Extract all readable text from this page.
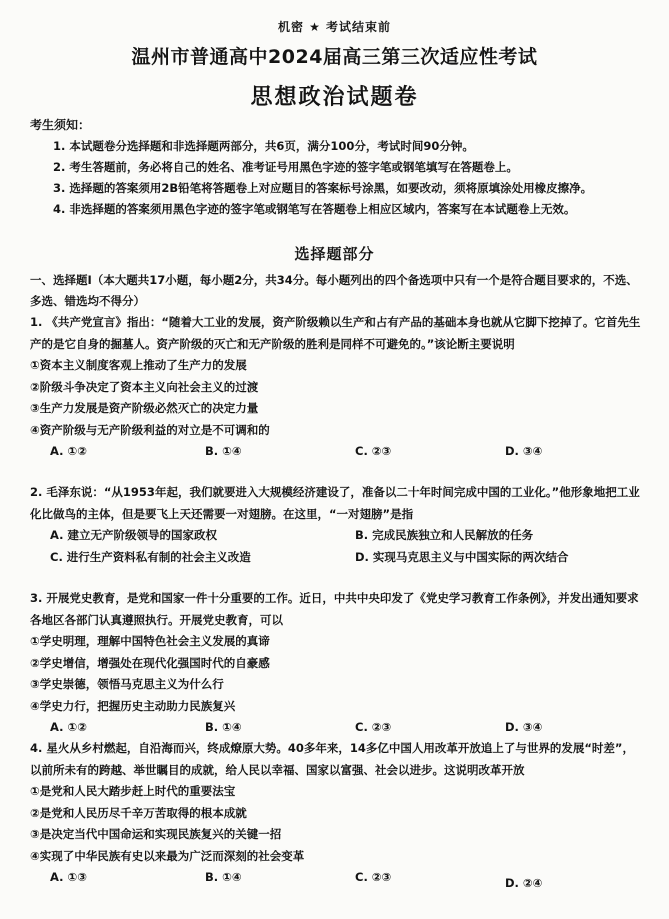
机密 ★ 考试结束前
温州市普通高中2024届高三第三次适应性考试
思想政治试题卷
考生须知：

1. 本试题卷分选择题和非选择题两部分，共6页，满分100分，考试时间90分钟。

2. 考生答题前，务必将自己的姓名、准考证号用黑色字迹的签字笔或钢笔填写在答题卷上。

3. 选择题的答案须用2B铅笔将答题卷上对应题目的答案标号涂黑，如要改动，须将原填涂处用橡皮擦净。

4. 非选择题的答案须用黑色字迹的签字笔或钢笔写在答题卷上相应区域内，答案写在本试题卷上无效。

选择题部分

一、选择题Ⅰ（本大题共17小题，每小题2分，共34分。每小题列出的四个备选项中只有一个是符合题目要求的，不选、多选、错选均不得分）

1. 《共产党宣言》指出：“随着大工业的发展，资产阶级赖以生产和占有产品的基础本身也就从它脚下挖掉了。它首先生产的是它自身的掘墓人。资产阶级的灭亡和无产阶级的胜利是同样不可避免的。”该论断主要说明

①资本主义制度客观上推动了生产力的发展

②阶级斗争决定了资本主义向社会主义的过渡

③生产力发展是资产阶级必然灭亡的决定力量

④资产阶级与无产阶级利益的对立是不可调和的

A. ①②	B. ①④	C. ②③	D. ③④

2. 毛泽东说：“从1953年起，我们就要进入大规模经济建设了，准备以二十年时间完成中国的工业化。”他形象地把工业化比做鸟的主体，但是要飞上天还需要一对翅膀。在这里，“一对翅膀”是指

A. 建立无产阶级领导的国家政权	B. 完成民族独立和人民解放的任务
C. 进行生产资料私有制的社会主义改造	D. 实现马克思主义与中国实际的两次结合

3. 开展党史教育，是党和国家一件十分重要的工作。近日，中共中央印发了《党史学习教育工作条例》，并发出通知要求各地区各部门认真遵照执行。开展党史教育，可以

①学史明理，理解中国特色社会主义发展的真谛

②学史增信，增强处在现代化强国时代的自豪感

③学史崇德，领悟马克思主义为什么行

④学史力行，把握历史主动助力民族复兴

A. ①②	B. ①④	C. ②③	D. ③④

4. 星火从乡村燃起，自沿海而兴，终成燎原大势。40多年来，14多亿中国人用改革开放追上了与世界的发展“时差”，以前所未有的跨越、举世瞩目的成就，给人民以幸福、国家以富强、社会以进步。这说明改革开放

①是党和人民大踏步赶上时代的重要法宝

②是党和人民历尽千辛万苦取得的根本成就

③是决定当代中国命运和实现民族复兴的关键一招

④实现了中华民族有史以来最为广泛而深刻的社会变革

A. ①③	B. ①④	C. ②③	D. ②④
